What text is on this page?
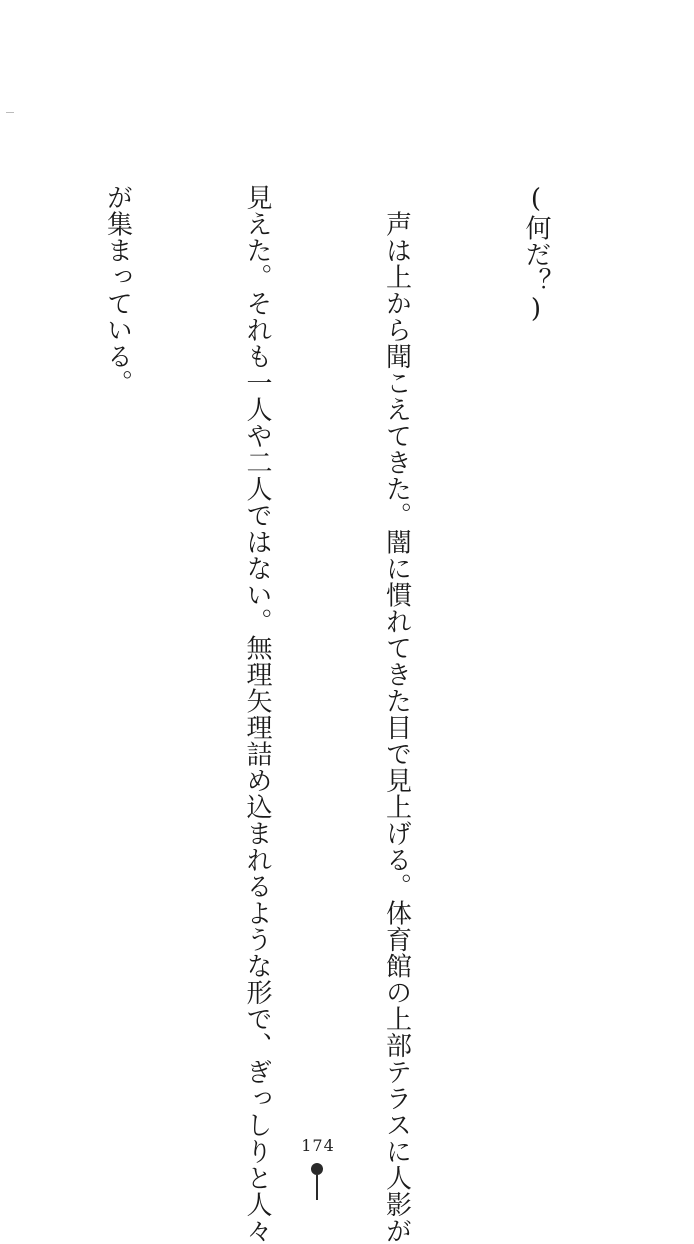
(何だ？)

　声は上から聞こえてきた。闇に慣れてきた目で見上げる。体育館の上部テラスに人影が

見えた。それも一人や二人ではない。無理矢理詰め込まれるような形で、ぎっしりと人々

が集まっている。

174
